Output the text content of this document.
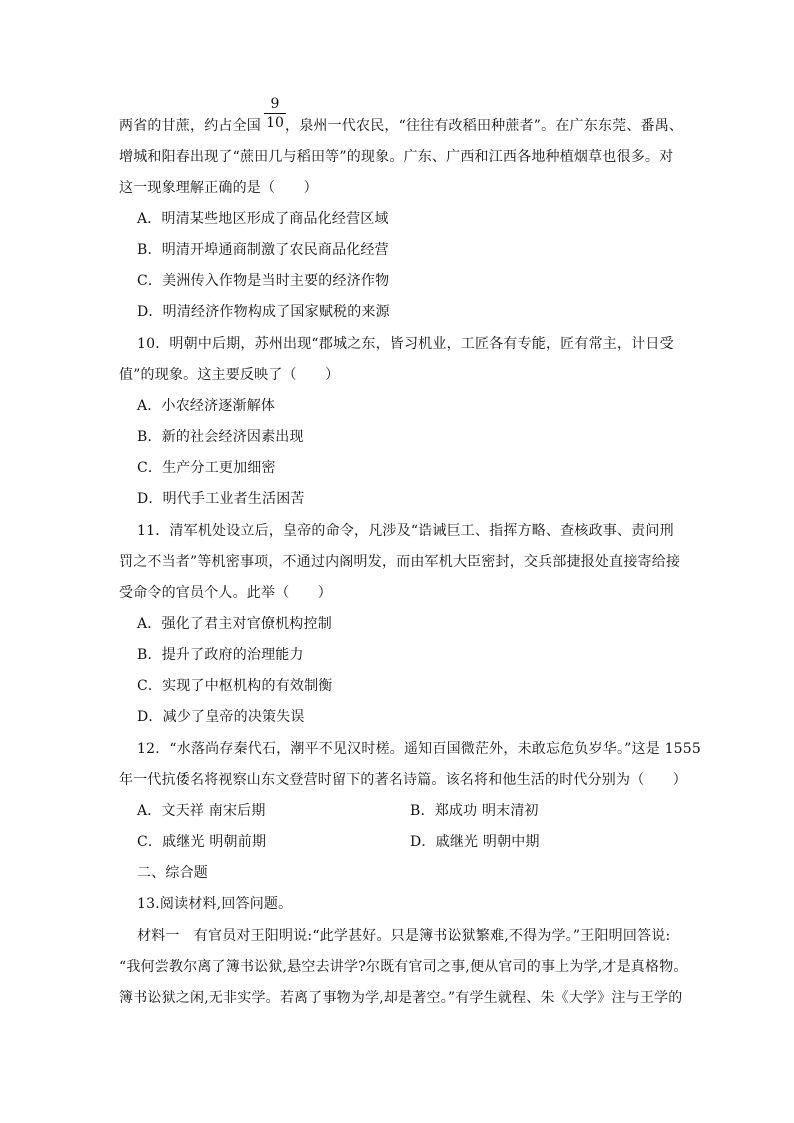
9
10
两省的甘蔗，约占全国 ，泉州一代农民，“往往有改稻田种蔗者”。在广东东莞、番禺、
增城和阳春出现了“蔗田几与稻田等”的现象。广东、广西和江西各地种植烟草也很多。对
这一现象理解正确的是（　　）
A．明清某些地区形成了商品化经营区域
B．明清开埠通商制激了农民商品化经营
C．美洲传入作物是当时主要的经济作物
D．明清经济作物构成了国家赋税的来源
10．明朝中后期，苏州出现“郡城之东，皆习机业，工匠各有专能，匠有常主，计日受
值”的现象。这主要反映了（　　）
A．小农经济逐渐解体
B．新的社会经济因素出现
C．生产分工更加细密
D．明代手工业者生活困苦
11．清军机处设立后，皇帝的命令，凡涉及“诰诫巨工、指挥方略、查核政事、责问刑
罚之不当者”等机密事项，不通过内阁明发，而由军机大臣密封，交兵部捷报处直接寄给接
受命令的官员个人。此举（　　）
A．强化了君主对官僚机构控制
B．提升了政府的治理能力
C．实现了中枢机构的有效制衡
D．减少了皇帝的决策失误
12．“水落尚存秦代石，潮平不见汉时槎。遥知百国微茫外，未敢忘危负岁华。”这是 1555
年一代抗倭名将视察山东文登营时留下的著名诗篇。该名将和他生活的时代分别为（　　）
A．文天祥 南宋后期	B．郑成功 明末清初
C．戚继光 明朝前期	D．戚继光 明朝中期
二、综合题
13.阅读材料,回答问题。
材料一　有官员对王阳明说:“此学甚好。只是簿书讼狱繁难,不得为学。”王阳明回答说:
“我何尝教尔离了簿书讼狱,悬空去讲学?尔既有官司之事,便从官司的事上为学,才是真格物。
簿书讼狱之闲,无非实学。若离了事物为学,却是著空。”有学生就程、朱《大学》注与王学的
